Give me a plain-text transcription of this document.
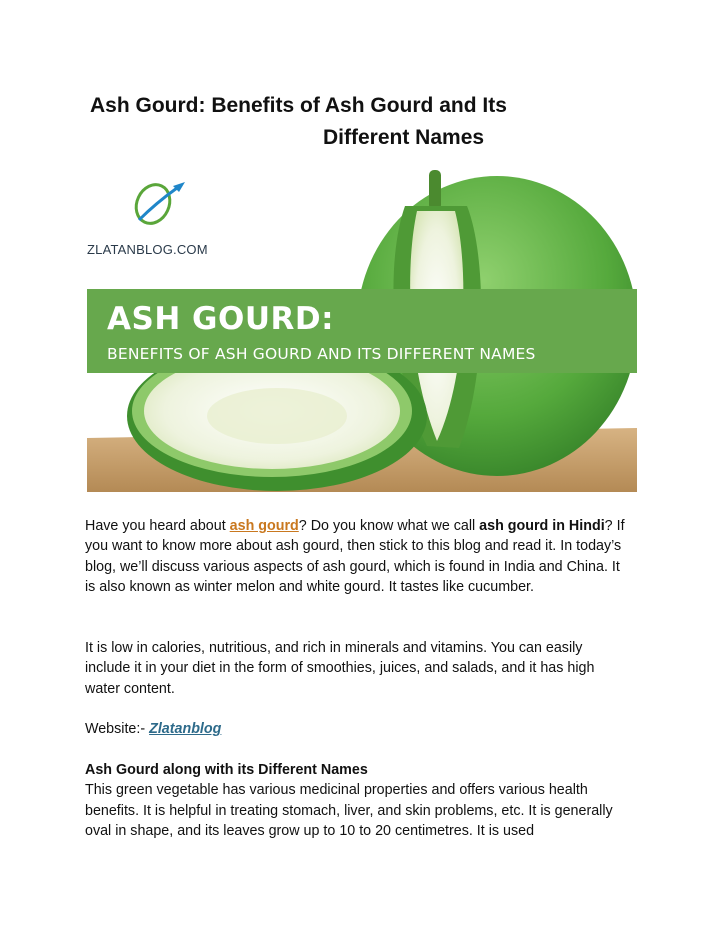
Ash Gourd: Benefits of Ash Gourd and Its
Different Names
ZLATANBLOG.COM
ASH GOURD:
BENEFITS OF ASH GOURD AND ITS DIFFERENT NAMES
Have you heard about ash gourd? Do you know what we call ash gourd in Hindi? If you want to know more about ash gourd, then stick to this blog and read it. In today’s blog, we’ll discuss various aspects of ash gourd, which is found in India and China. It is also known as winter melon and white gourd. It tastes like cucumber.
It is low in calories, nutritious, and rich in minerals and vitamins. You can easily include it in your diet in the form of smoothies, juices, and salads, and it has high water content.
Website:- Zlatanblog
Ash Gourd along with its Different Names
This green vegetable has various medicinal properties and offers various health benefits. It is helpful in treating stomach, liver, and skin problems, etc. It is generally oval in shape, and its leaves grow up to 10 to 20 centimetres. It is used
